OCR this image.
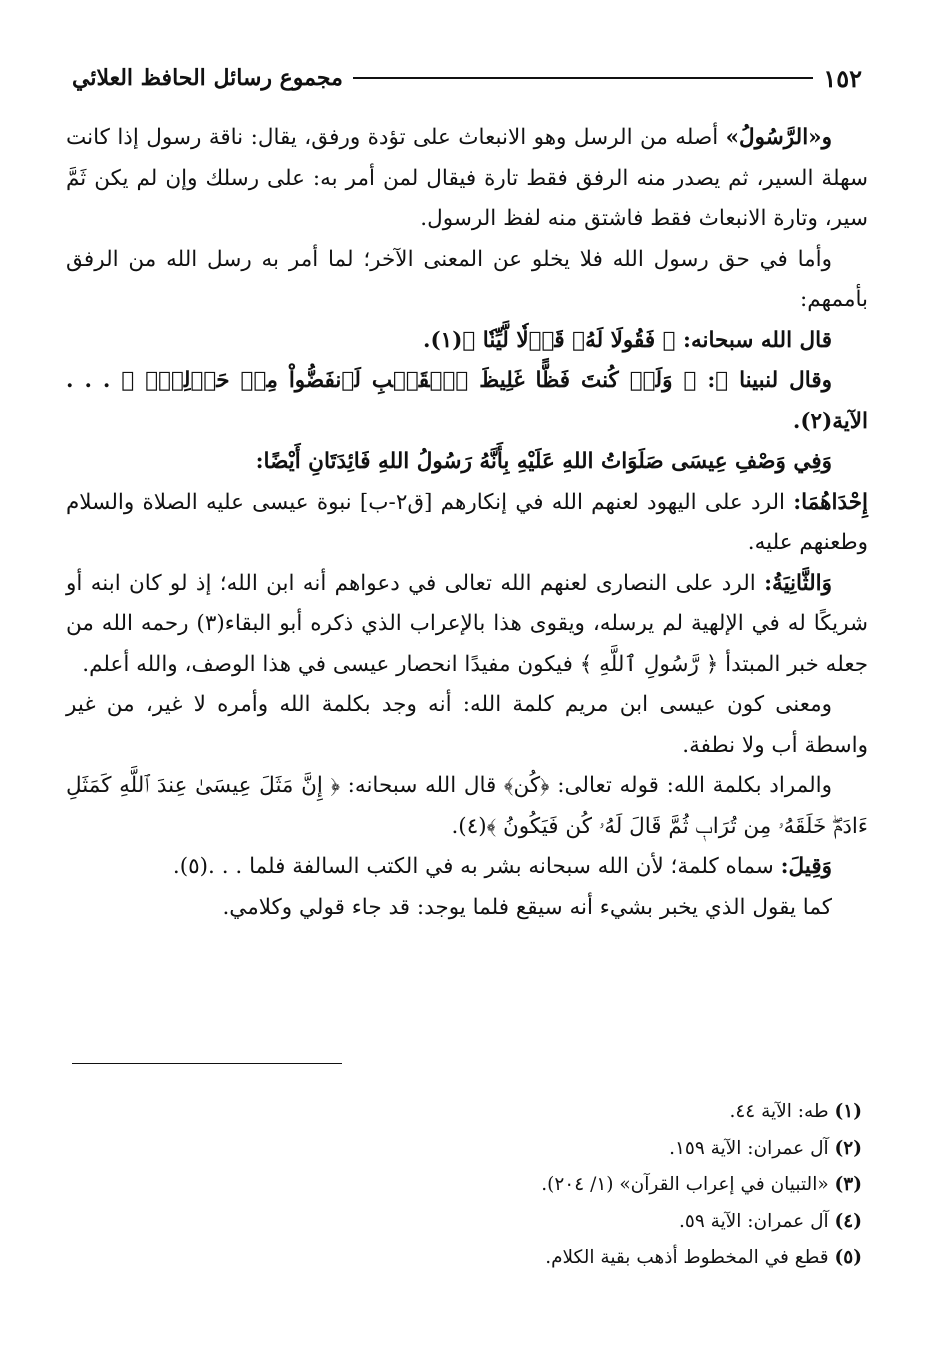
١٥٢
مجموع رسائل الحافظ العلائي

و«الرَّسُولُ» أصله من الرسل وهو الانبعاث على تؤدة ورفق، يقال: ناقة رسول إذا كانت سهلة السير، ثم يصدر منه الرفق فقط تارة فيقال لمن أمر به: على رسلك وإن لم يكن ثَمَّ سير، وتارة الانبعاث فقط فاشتق منه لفظ الرسول.

وأما في حق رسول الله فلا يخلو عن المعنى الآخر؛ لما أمر به رسل الله من الرفق بأممهم:

قال الله سبحانه: ﴿ فَقُولَا لَهُۥ قَوۡلٗا لَّيِّنٗا ﴾(١).

وقال لنبينا ﷺ: ﴿ وَلَوۡ كُنتَ فَظًّا غَلِيظَ ٱلۡقَلۡبِ لَٱنفَضُّواْ مِنۡ حَوۡلِكَۖ ﴾ . . . الآية(٢).

وَفِي وَصْفِ عِيسَى صَلَوَاتُ اللهِ عَلَيْهِ بِأَنَّهُ رَسُولُ اللهِ فَائِدَتَانِ أَيْضًا:

إِحْدَاهُمَا: الرد على اليهود لعنهم الله في إنكارهم [ق٢-ب] نبوة عيسى عليه الصلاة والسلام وطعنهم عليه.

وَالثَّانِيَةُ: الرد على النصارى لعنهم الله تعالى في دعواهم أنه ابن الله؛ إذ لو كان ابنه أو شريكًا له في الإلهية لم يرسله، ويقوى هذا بالإعراب الذي ذكره أبو البقاء(٣) رحمه الله من جعله خبر المبتدأ ﴿ رَّسُولِ ٱللَّهِ ﴾ فيكون مفيدًا انحصار عيسى في هذا الوصف، والله أعلم.

ومعنى كون عيسى ابن مريم كلمة الله: أنه وجد بكلمة الله وأمره لا غير، من غير واسطة أب ولا نطفة.

والمراد بكلمة الله: قوله تعالى: ﴿كُن﴾ قال الله سبحانه: ﴿ إِنَّ مَثَلَ عِيسَىٰ عِندَ ٱللَّهِ كَمَثَلِ ءَادَمَۖ خَلَقَهُۥ مِن تُرَابٖ ثُمَّ قَالَ لَهُۥ كُن فَيَكُونُ ﴾(٤).

وَقِيلَ: سماه كلمة؛ لأن الله سبحانه بشر به في الكتب السالفة فلما . . .(٥).

كما يقول الذي يخبر بشيء أنه سيقع فلما يوجد: قد جاء قولي وكلامي.

(١) طه: الآية ٤٤.

(٢) آل عمران: الآية ١٥٩.

(٣) «التبيان في إعراب القرآن» (١/ ٢٠٤).

(٤) آل عمران: الآية ٥٩.

(٥) قطع في المخطوط أذهب بقية الكلام.
